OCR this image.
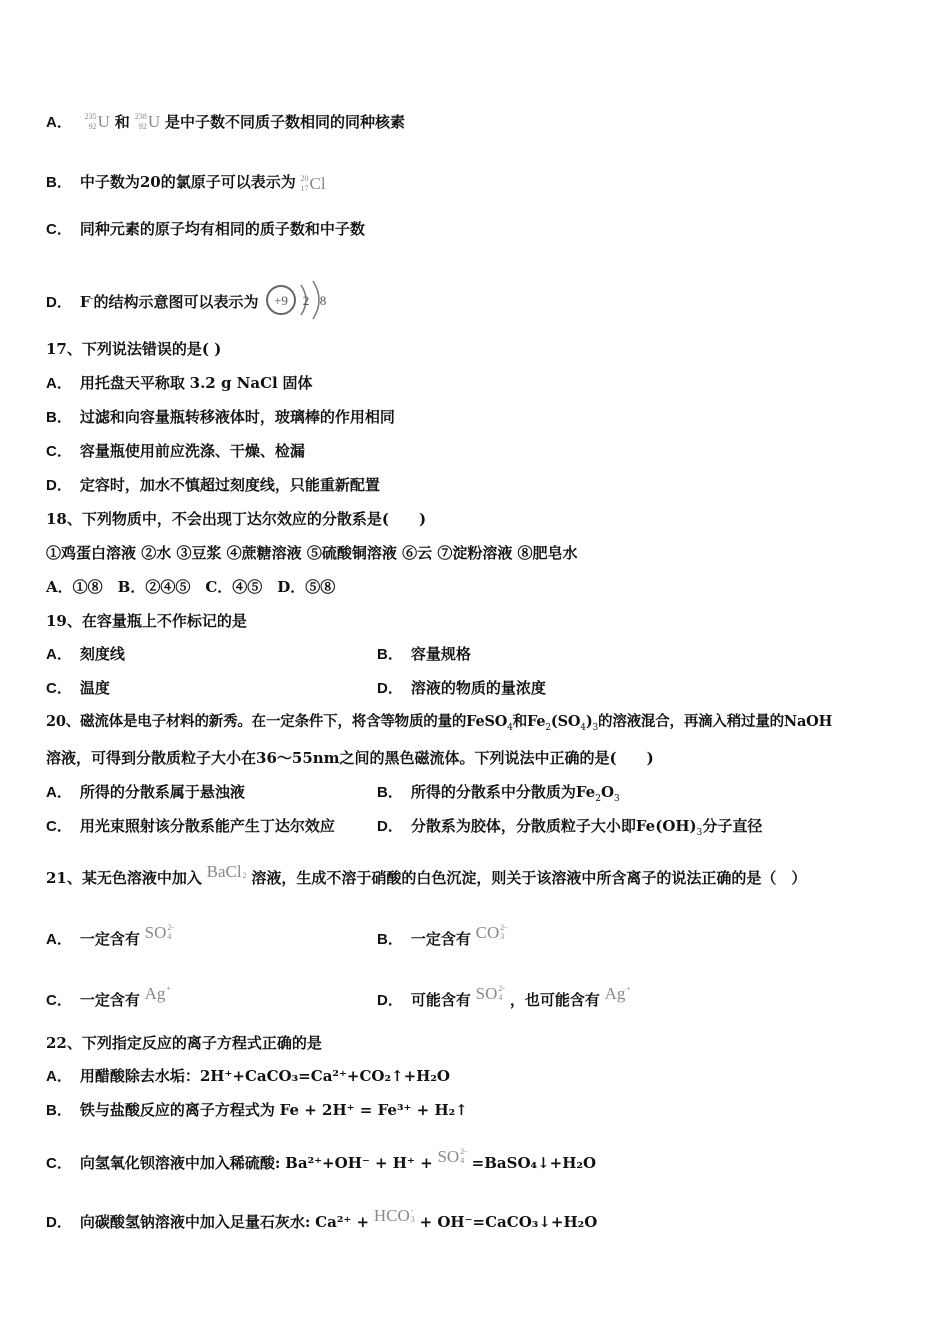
A． 235
92 U 和 238
92 U 是中子数不同质子数相同的同种核素
B． 中子数为20的氯原子可以表示为 20
17 Cl
C． 同种元素的原子均有相同的质子数和中子数
D． F-的结构示意图可以表示为 +9 2 8
17、下列说法错误的是( )
A． 用托盘天平称取 3.2 g NaCl 固体
B． 过滤和向容量瓶转移液体时，玻璃棒的作用相同
C． 容量瓶使用前应洗涤、干燥、检漏
D． 定容时，加水不慎超过刻度线，只能重新配置
18、下列物质中，不会出现丁达尔效应的分散系是(　　)
①鸡蛋白溶液 ②水 ③豆浆 ④蔗糖溶液 ⑤硫酸铜溶液 ⑥云 ⑦淀粉溶液 ⑧肥皂水
A．①⑧　B．②④⑤　C．④⑤　D．⑤⑧
19、在容量瓶上不作标记的是
A． 刻度线	B． 容量规格
C． 温度	D． 溶液的物质的量浓度
20、磁流体是电子材料的新秀。在一定条件下，将含等物质的量的FeSO$_4$和$Fe_2(SO_4)_3$的溶液混合，再滴入稍过量的NaOH
溶液，可得到分散质粒子大小在36～55nm之间的黑色磁流体。下列说法中正确的是(　　)
A． 所得的分散系属于悬浊液	B． 所得的分散系中分散质为$Fe_2O_3$
C． 用光束照射该分散系能产生丁达尔效应	D． 分散系为胶体，分散质粒子大小即$Fe(OH)_3$分子直径
21、某无色溶液中加入 BaCl
2 溶液，生成不溶于硝酸的白色沉淀，则关于该溶液中所含离子的说法正确的是（　）
A． 一定含有 SO 2-
4	B． 一定含有 CO 2-
3
C． 一定含有 Ag +
D． 可能含有 SO 2-
4 ，也可能含有 Ag +
22、下列指定反应的离子方程式正确的是
A． 用醋酸除去水垢：2H⁺+CaCO₃=Ca²⁺+CO₂↑+H₂O
B． 铁与盐酸反应的离子方程式为 Fe + 2H⁺ = Fe³⁺ + H₂↑
C． 向氢氧化钡溶液中加入稀硫酸: Ba²⁺+OH⁻ + H⁺ + SO 2-
4 =BaSO₄↓+H₂O
D． 向碳酸氢钠溶液中加入足量石灰水: Ca²⁺ + HCO -
3 + OH⁻=CaCO₃↓+H₂O
